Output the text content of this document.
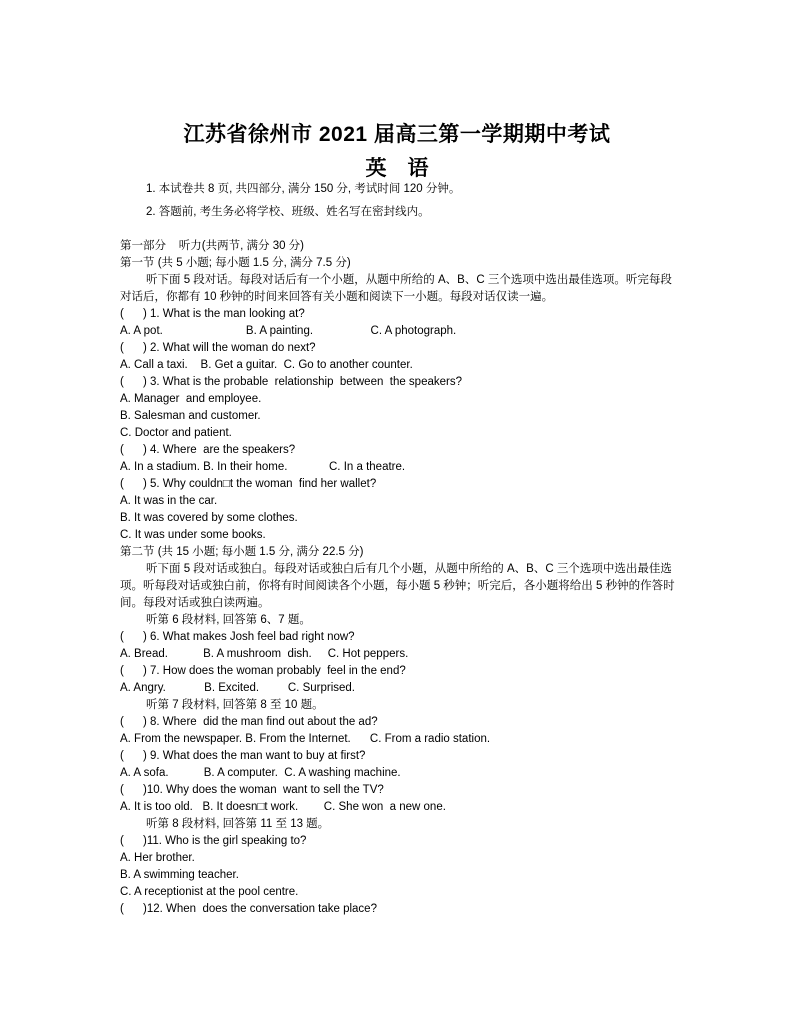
江苏省徐州市 2021 届高三第一学期期中考试
英　语
1. 本试卷共 8 页, 共四部分, 满分 150 分, 考试时间 120 分钟。
2. 答题前, 考生务必将学校、班级、姓名写在密封线内。
第一部分    听力(共两节, 满分 30 分)
第一节 (共 5 小题; 每小题 1.5 分, 满分 7.5 分)
听下面 5 段对话。每段对话后有一个小题，从题中所给的 A、B、C 三个选项中选出最佳选项。听完每段对话后，你都有 10 秒钟的时间来回答有关小题和阅读下一小题。每段对话仅读一遍。
(      ) 1. What is the man looking at?
A. A pot.                          B. A painting.                  C. A photograph.
(      ) 2. What will the woman do next?
A. Call a taxi.    B. Get a guitar.  C. Go to another counter.
(      ) 3. What is the probable  relationship  between  the speakers?
A. Manager  and employee.
B. Salesman and customer.
C. Doctor and patient.
(      ) 4. Where  are the speakers?
A. In a stadium. B. In their home.             C. In a theatre.
(      ) 5. Why couldn□t the woman  find her wallet?
A. It was in the car.
B. It was covered by some clothes.
C. It was under some books.
第二节 (共 15 小题; 每小题 1.5 分, 满分 22.5 分)
听下面 5 段对话或独白。每段对话或独白后有几个小题，从题中所给的 A、B、C 三个选项中选出最佳选项。听每段对话或独白前，你将有时间阅读各个小题，每小题 5 秒钟；听完后，各小题将给出 5 秒钟的作答时间。每段对话或独白读两遍。
听第 6 段材料, 回答第 6、7 题。
(      ) 6. What makes Josh feel bad right now?
A. Bread.           B. A mushroom  dish.     C. Hot peppers.
(      ) 7. How does the woman probably  feel in the end?
A. Angry.            B. Excited.         C. Surprised.
听第 7 段材料, 回答第 8 至 10 题。
(      ) 8. Where  did the man find out about the ad?
A. From the newspaper. B. From the Internet.      C. From a radio station.
(      ) 9. What does the man want to buy at first?
A. A sofa.           B. A computer.  C. A washing machine.
(      )10. Why does the woman  want to sell the TV?
A. It is too old.   B. It doesn□t work.        C. She won  a new one.
听第 8 段材料, 回答第 11 至 13 题。
(      )11. Who is the girl speaking to?
A. Her brother.
B. A swimming teacher.
C. A receptionist at the pool centre.
(      )12. When  does the conversation take place?
